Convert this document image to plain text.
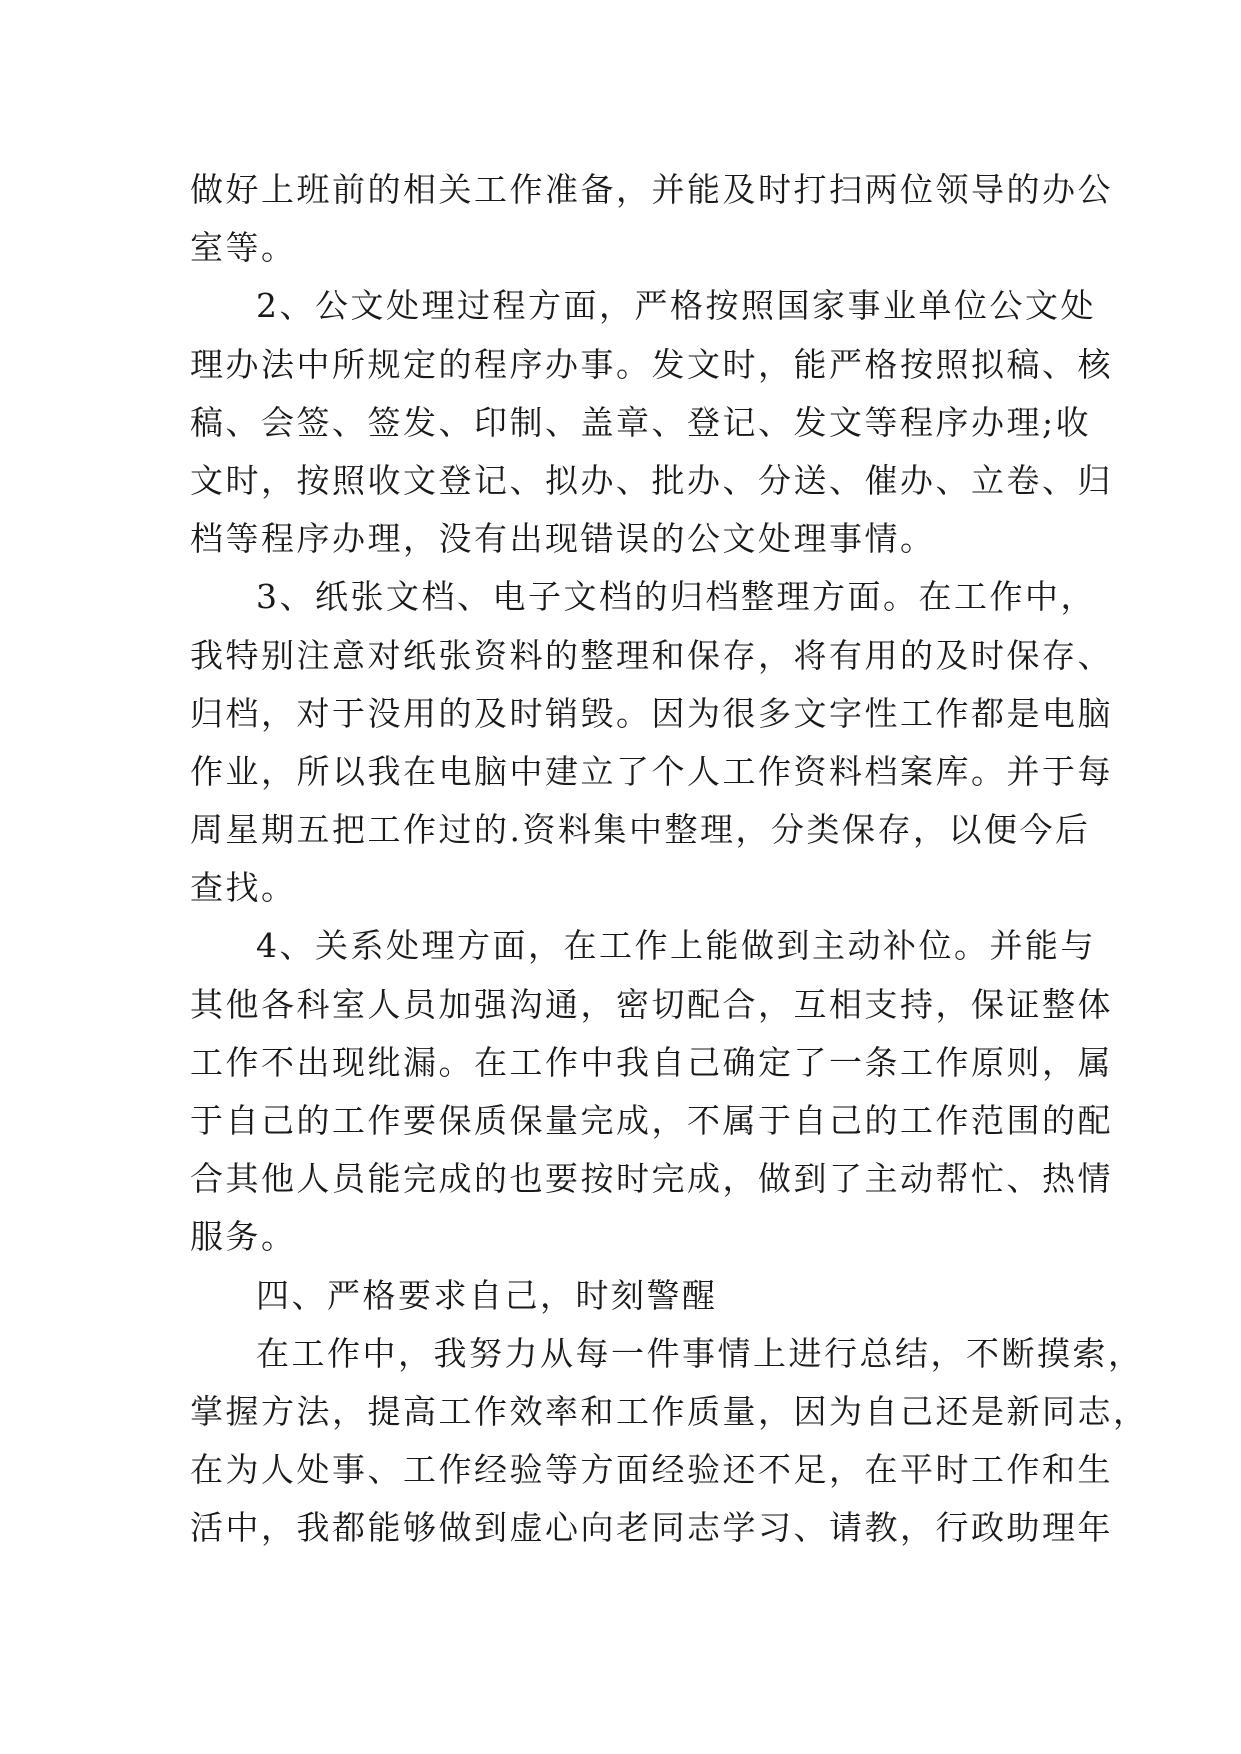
做好上班前的相关工作准备，并能及时打扫两位领导的办公
室等。
2、公文处理过程方面，严格按照国家事业单位公文处
理办法中所规定的程序办事。发文时，能严格按照拟稿、核
稿、会签、签发、印制、盖章、登记、发文等程序办理;收
文时，按照收文登记、拟办、批办、分送、催办、立卷、归
档等程序办理，没有出现错误的公文处理事情。
3、纸张文档、电子文档的归档整理方面。在工作中，
我特别注意对纸张资料的整理和保存，将有用的及时保存、
归档，对于没用的及时销毁。因为很多文字性工作都是电脑
作业，所以我在电脑中建立了个人工作资料档案库。并于每
周星期五把工作过的.资料集中整理，分类保存，以便今后
查找。
4、关系处理方面，在工作上能做到主动补位。并能与
其他各科室人员加强沟通，密切配合，互相支持，保证整体
工作不出现纰漏。在工作中我自己确定了一条工作原则，属
于自己的工作要保质保量完成，不属于自己的工作范围的配
合其他人员能完成的也要按时完成，做到了主动帮忙、热情
服务。
四、严格要求自己，时刻警醒
在工作中，我努力从每一件事情上进行总结，不断摸索，
掌握方法，提高工作效率和工作质量，因为自己还是新同志，
在为人处事、工作经验等方面经验还不足，在平时工作和生
活中，我都能够做到虚心向老同志学习、请教，行政助理年
